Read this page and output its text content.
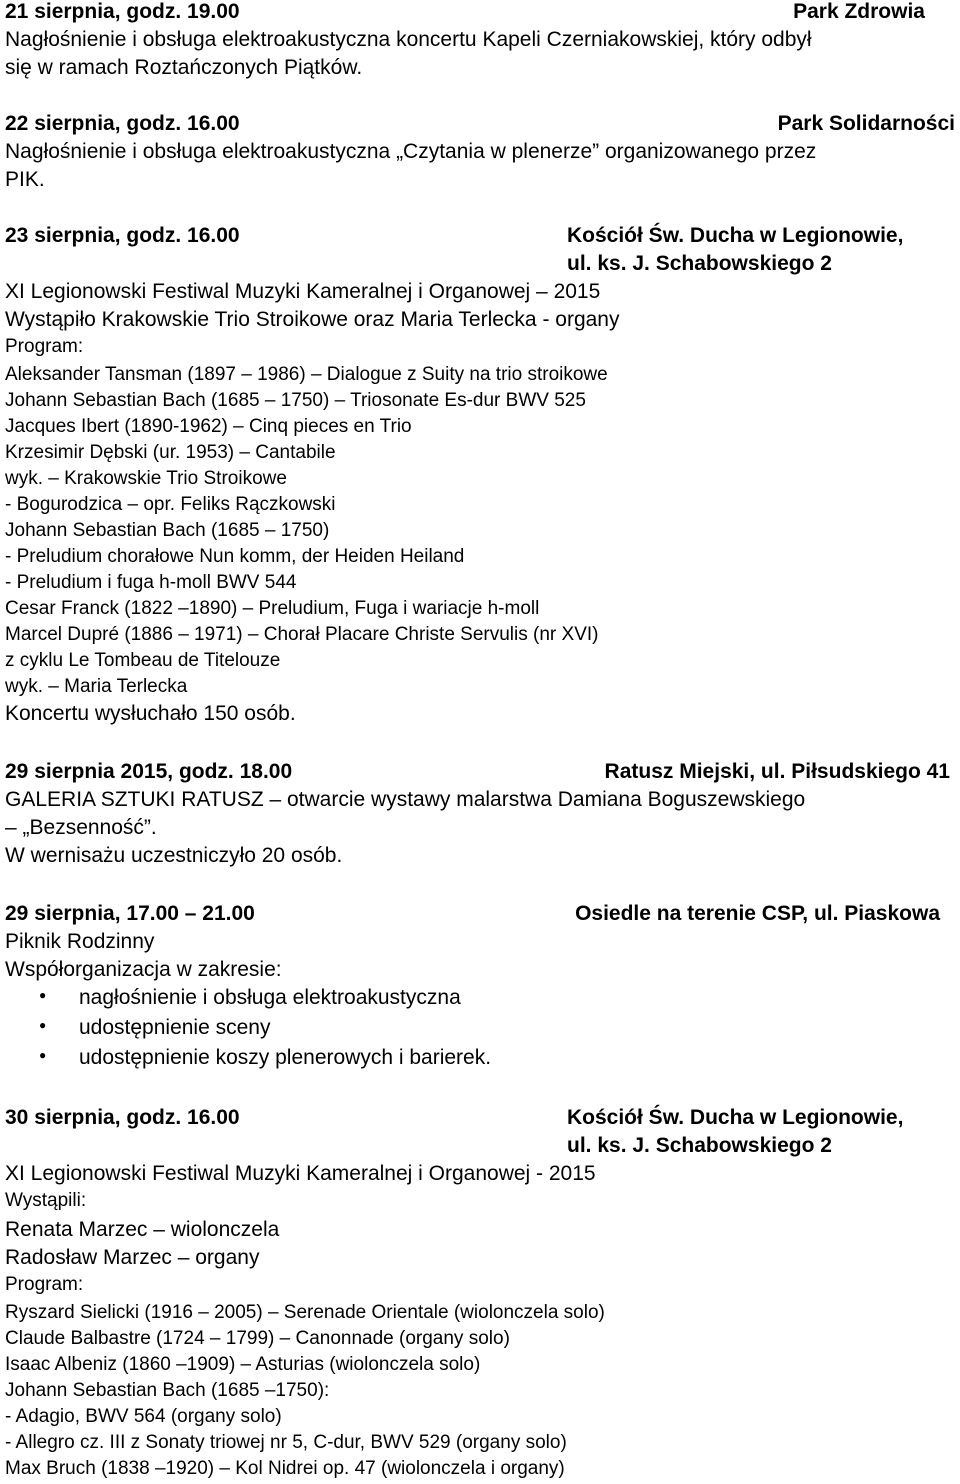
21 sierpnia, godz. 19.00	Park Zdrowia
Nagłośnienie i obsługa elektroakustyczna koncertu Kapeli Czerniakowskiej, który odbył
się w ramach Roztańczonych Piątków.
22 sierpnia, godz. 16.00	Park Solidarności
Nagłośnienie i obsługa elektroakustyczna „Czytania w plenerze” organizowanego przez
PIK.
23 sierpnia, godz. 16.00	Kościół Św. Ducha w Legionowie,
ul. ks. J. Schabowskiego 2
XI Legionowski Festiwal Muzyki Kameralnej i Organowej – 2015
Wystąpiło Krakowskie Trio Stroikowe oraz Maria Terlecka - organy
Program:
Aleksander Tansman (1897 – 1986) – Dialogue z Suity na trio stroikowe
Johann Sebastian Bach (1685 – 1750) – Triosonate Es-dur BWV 525
Jacques Ibert (1890-1962) – Cinq pieces en Trio
Krzesimir Dębski (ur. 1953) – Cantabile
wyk. – Krakowskie Trio Stroikowe
- Bogurodzica – opr. Feliks Rączkowski
Johann Sebastian Bach (1685 – 1750)
- Preludium chorałowe Nun komm, der Heiden Heiland
- Preludium i fuga h-moll BWV 544
Cesar Franck (1822 –1890) – Preludium, Fuga i wariacje h-moll
Marcel Dupré (1886 – 1971) – Chorał Placare Christe Servulis (nr XVI)
z cyklu Le Tombeau de Titelouze
wyk. – Maria Terlecka
Koncertu wysłuchało 150 osób.
29 sierpnia 2015, godz. 18.00	Ratusz Miejski, ul. Piłsudskiego 41
GALERIA SZTUKI RATUSZ – otwarcie wystawy malarstwa Damiana Boguszewskiego
– „Bezsenność”.
W wernisażu uczestniczyło 20 osób.
29 sierpnia, 17.00 – 21.00	Osiedle na terenie CSP, ul. Piaskowa
Piknik Rodzinny
Współorganizacja w zakresie:
● nagłośnienie i obsługa elektroakustyczna
● udostępnienie sceny
● udostępnienie koszy plenerowych i barierek.
30 sierpnia, godz. 16.00	Kościół Św. Ducha w Legionowie,
ul. ks. J. Schabowskiego 2
XI Legionowski Festiwal Muzyki Kameralnej i Organowej - 2015
Wystąpili:
Renata Marzec – wiolonczela
Radosław Marzec – organy
Program:
Ryszard Sielicki (1916 – 2005) – Serenade Orientale (wiolonczela solo)
Claude Balbastre (1724 – 1799) – Canonnade (organy solo)
Isaac Albeniz (1860 –1909) – Asturias (wiolonczela solo)
Johann Sebastian Bach (1685 –1750):
- Adagio, BWV 564 (organy solo)
- Allegro cz. III z Sonaty triowej nr 5, C-dur, BWV 529 (organy solo)
Max Bruch (1838 –1920) – Kol Nidrei op. 47 (wiolonczela i organy)
